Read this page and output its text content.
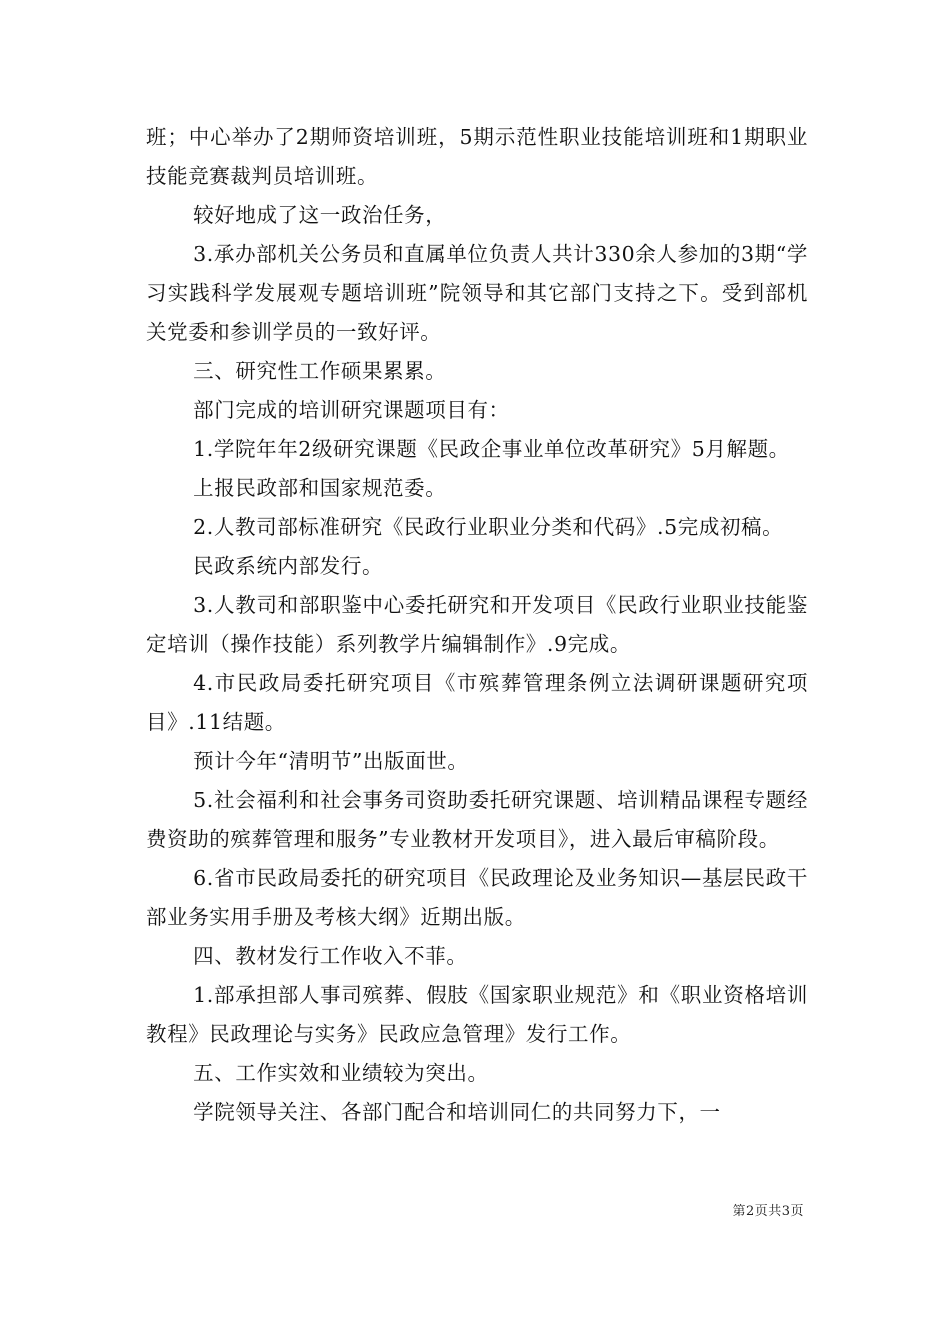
班；中心举办了2期师资培训班，5期示范性职业技能培训班和1期职业技能竞赛裁判员培训班。

较好地成了这一政治任务，

3.承办部机关公务员和直属单位负责人共计330余人参加的3期“学习实践科学发展观专题培训班”院领导和其它部门支持之下。受到部机关党委和参训学员的一致好评。

三、研究性工作硕果累累。

部门完成的培训研究课题项目有：

1.学院年年2级研究课题《民政企事业单位改革研究》5月解题。

上报民政部和国家规范委。

2.人教司部标准研究《民政行业职业分类和代码》.5完成初稿。

民政系统内部发行。

3.人教司和部职鉴中心委托研究和开发项目《民政行业职业技能鉴定培训（操作技能）系列教学片编辑制作》.9完成。

4.市民政局委托研究项目《市殡葬管理条例立法调研课题研究项目》.11结题。

预计今年“清明节”出版面世。

5.社会福利和社会事务司资助委托研究课题、培训精品课程专题经费资助的殡葬管理和服务”专业教材开发项目》，进入最后审稿阶段。

6.省市民政局委托的研究项目《民政理论及业务知识—基层民政干部业务实用手册及考核大纲》近期出版。

四、教材发行工作收入不菲。

1.部承担部人事司殡葬、假肢《国家职业规范》和《职业资格培训教程》民政理论与实务》民政应急管理》发行工作。

五、工作实效和业绩较为突出。

学院领导关注、各部门配合和培训同仁的共同努力下，一

第2页共3页
